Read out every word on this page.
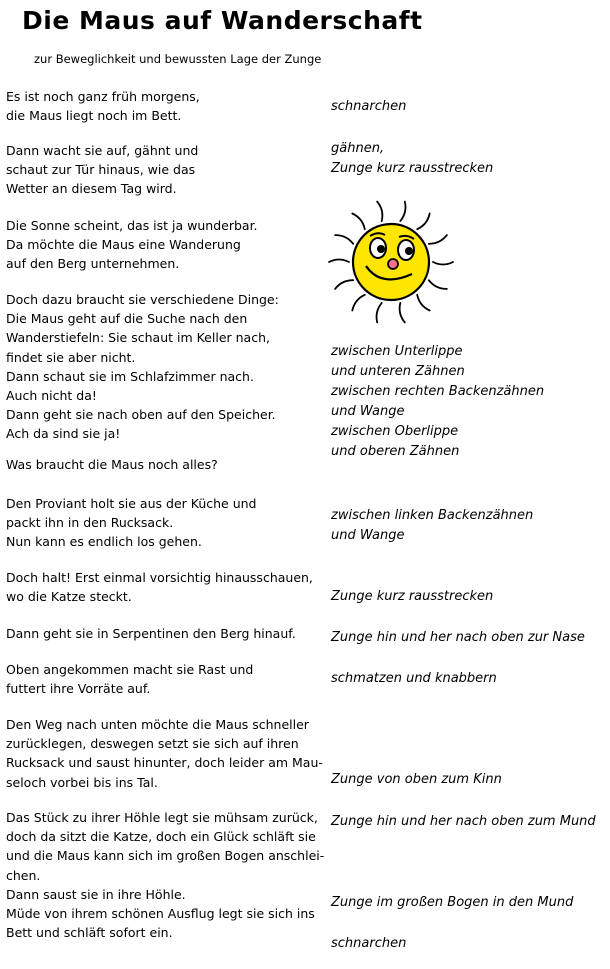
Die Maus auf Wanderschaft
zur Beweglichkeit und bewussten Lage der Zunge
Es ist noch ganz früh morgens,
die Maus liegt noch im Bett.
Dann wacht sie auf, gähnt und
schaut zur Tür hinaus, wie das
Wetter an diesem Tag wird.
Die Sonne scheint, das ist ja wunderbar.
Da möchte die Maus eine Wanderung
auf den Berg unternehmen.
Doch dazu braucht sie verschiedene Dinge:
Die Maus geht auf die Suche nach den
Wanderstiefeln: Sie schaut im Keller nach,
findet sie aber nicht.
Dann schaut sie im Schlafzimmer nach.
Auch nicht da!
Dann geht sie nach oben auf den Speicher.
Ach da sind sie ja!
Was braucht die Maus noch alles?
Den Proviant holt sie aus der Küche und
packt ihn in den Rucksack.
Nun kann es endlich los gehen.
Doch halt! Erst einmal vorsichtig hinausschauen,
wo die Katze steckt.
Dann geht sie in Serpentinen den Berg hinauf.
Oben angekommen macht sie Rast und
futtert ihre Vorräte auf.
Den Weg nach unten möchte die Maus schneller
zurücklegen, deswegen setzt sie sich auf ihren
Rucksack und saust hinunter, doch leider am Mau-
seloch vorbei bis ins Tal.
Das Stück zu ihrer Höhle legt sie mühsam zurück,
doch da sitzt die Katze, doch ein Glück schläft sie
und die Maus kann sich im großen Bogen anschlei-
chen.
Dann saust sie in ihre Höhle.
Müde von ihrem schönen Ausflug legt sie sich ins
Bett und schläft sofort ein.
schnarchen
gähnen,
Zunge kurz rausstrecken
zwischen Unterlippe
und unteren Zähnen
zwischen rechten Backenzähnen
und Wange
zwischen Oberlippe
und oberen Zähnen
zwischen linken Backenzähnen
und Wange
Zunge kurz rausstrecken
Zunge hin und her nach oben zur Nase
schmatzen und knabbern
Zunge von oben zum Kinn
Zunge hin und her nach oben zum Mund
Zunge im großen Bogen in den Mund
schnarchen
